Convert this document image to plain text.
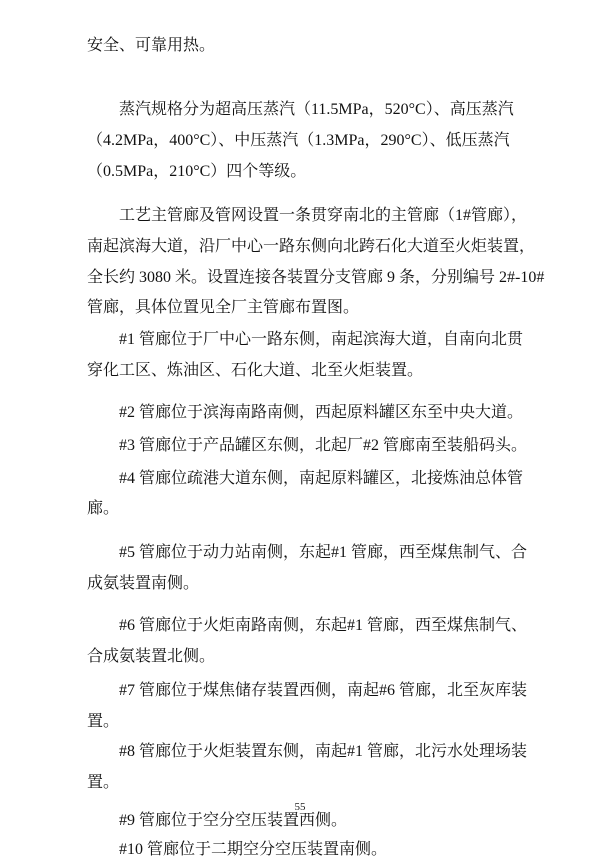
安全、可靠用热。
蒸汽规格分为超高压蒸汽（11.5MPa，520°C）、高压蒸汽
（4.2MPa，400°C）、中压蒸汽（1.3MPa，290°C）、低压蒸汽
（0.5MPa，210°C）四个等级。
工艺主管廊及管网设置一条贯穿南北的主管廊（1#管廊），
南起滨海大道，沿厂中心一路东侧向北跨石化大道至火炬装置，
全长约 3080 米。设置连接各装置分支管廊 9 条，分别编号 2#-10#
管廊，具体位置见全厂主管廊布置图。
#1 管廊位于厂中心一路东侧，南起滨海大道，自南向北贯
穿化工区、炼油区、石化大道、北至火炬装置。
#2 管廊位于滨海南路南侧，西起原料罐区东至中央大道。
#3 管廊位于产品罐区东侧，北起厂#2 管廊南至装船码头。
#4 管廊位疏港大道东侧，南起原料罐区，北接炼油总体管
廊。
#5 管廊位于动力站南侧，东起#1 管廊，西至煤焦制气、合
成氨装置南侧。
#6 管廊位于火炬南路南侧，东起#1 管廊，西至煤焦制气、
合成氨装置北侧。
#7 管廊位于煤焦储存装置西侧，南起#6 管廊，北至灰库装
置。
#8 管廊位于火炬装置东侧，南起#1 管廊，北污水处理场装
置。
#9 管廊位于空分空压装置西侧。
#10 管廊位于二期空分空压装置南侧。
55
